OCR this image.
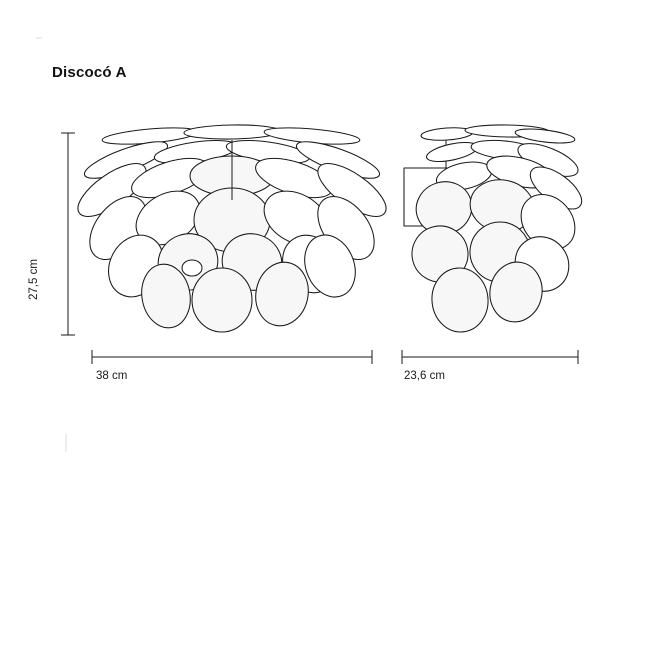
Discocó A
27,5 cm
38 cm	23,6 cm
